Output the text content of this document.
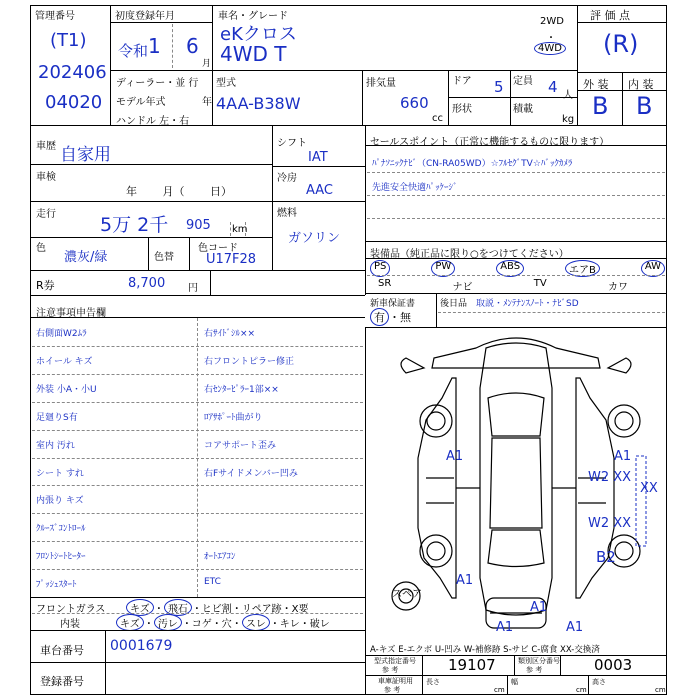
管理番号
(T1)
202406
04020
初度登録年月
令和 1 6
月
車名・グレード
eKクロス
4WD T
2WD
・
4WD
評 価 点
(R)
外 装 内 装
B B
ディーラー・並 行
モデル年式	年
ハンドル 左・右
型式
4AA-B38W
排気量
660
cc
ドア 5 定員 4 人
形状	積載
kg
車歴 自家用
車検
年 月（ 日）
走行 5万 2千 905 km
色
濃灰/緑	色替
色コード
U17F28
シフト
IAT
冷房
AAC
燃料
ガソリン
R券	8,700 円
セールスポイント（正常に機能するものに限ります）
ﾊﾟﾅｿﾆｯｸﾅﾋﾞ（CN-RA05WD）☆ﾌﾙｾｸﾞTV☆ﾊﾞｯｸｶﾒﾗ
先進安全快適ﾊﾟｯｹｰｼﾞ
装備品（純正品に限り○をつけてください）
PS	PW	ABS	エアB	AW
SR	ナビ	TV	カワ
新車保証書
有 ・無
後日品 取説・ﾒﾝﾃﾅﾝｽﾉｰﾄ・ﾅﾋﾞSD
注意事項申告欄
右側面W2ﾑﾗ	右ｻｲﾄﾞｼﾙ××
ホイール キズ	右フロントピラー修正
外装 小A・小U	右ｾﾝﾀｰﾋﾟﾗｰ1部××
足廻りS有	ﾛｱｻﾎﾟｰﾄ曲がり
室内 汚れ	コアサポート歪み
シート すれ	右Fサイドメンバー凹み
内張り キズ
ｸﾙｰｽﾞｺﾝﾄﾛｰﾙ
ﾌﾛﾝﾄｼｰﾄﾋｰﾀｰ	ｵｰﾄｴｱｺﾝ
ﾌﾟｯｼｭｽﾀｰﾄ	ETC
フロントガラス	キズ ・ 飛石 ・ヒビ割・リペア跡・X要
内装	キズ ・ 汚レ ・コゲ・穴・ スレ ・キレ・破レ
車台番号 0001679
登録番号
スペア
A1	A1
W2 XX
XX
W2 XX
B2
A1
A1
A1	A1
A-キズ E-エクボ U-凹み W-補修跡 S-サビ C-腐食 XX-交換済
型式指定番号
参 考	19107	類別区分番号
参 考	0003
車庫証明用
参 考
長さ
cm
幅
cm
高さ
cm
